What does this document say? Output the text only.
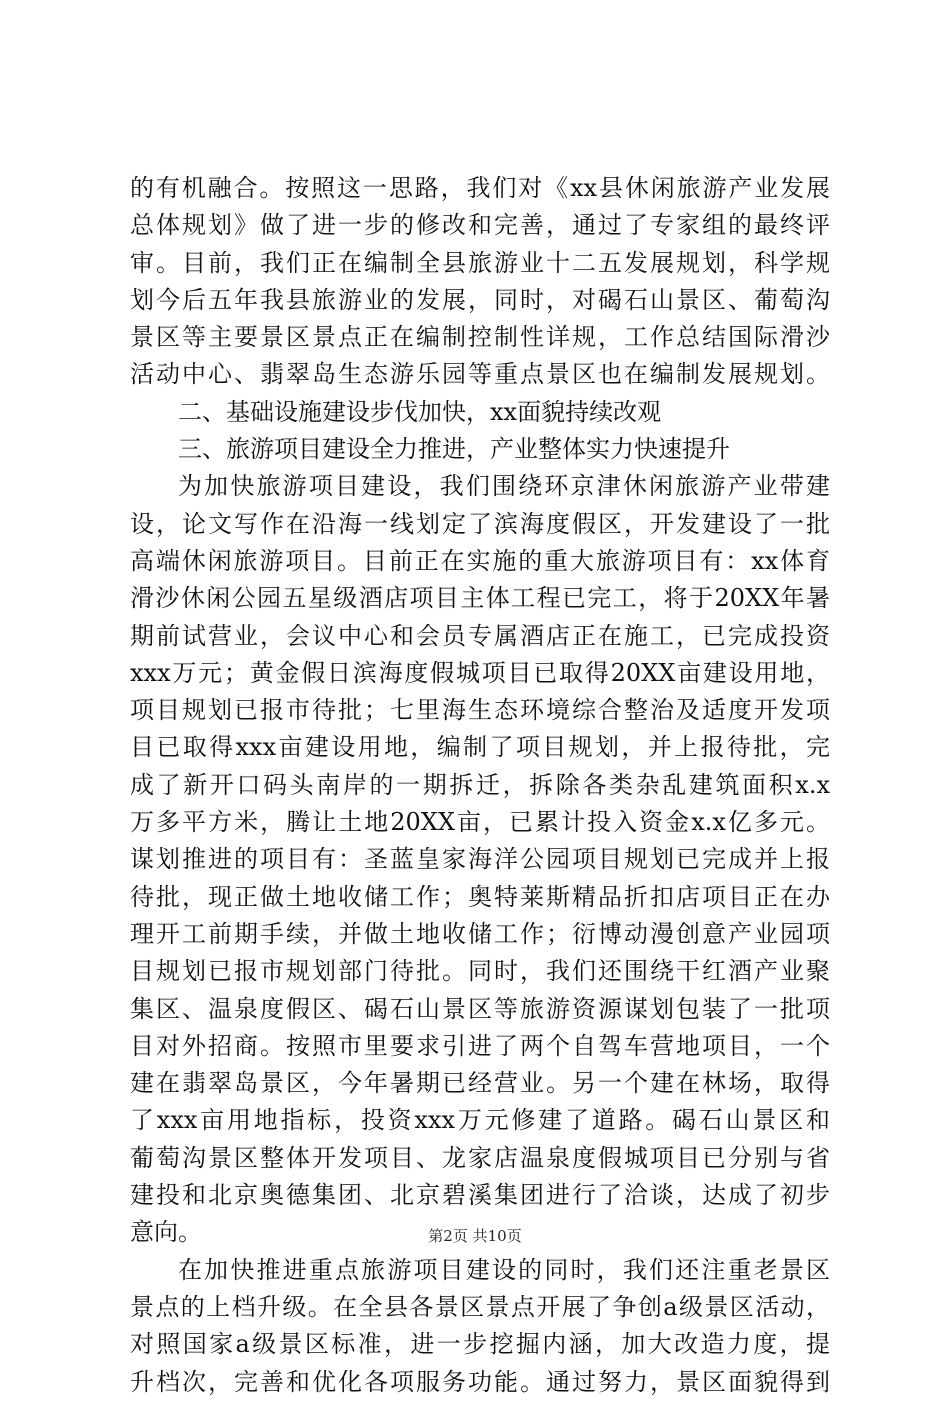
的有机融合。按照这一思路，我们对《xx县休闲旅游产业发展
总体规划》做了进一步的修改和完善，通过了专家组的最终评
审。目前，我们正在编制全县旅游业十二五发展规划，科学规
划今后五年我县旅游业的发展，同时，对碣石山景区、葡萄沟
景区等主要景区景点正在编制控制性详规，工作总结国际滑沙
活动中心、翡翠岛生态游乐园等重点景区也在编制发展规划。
二、基础设施建设步伐加快，xx面貌持续改观
三、旅游项目建设全力推进，产业整体实力快速提升
为加快旅游项目建设，我们围绕环京津休闲旅游产业带建
设，论文写作在沿海一线划定了滨海度假区，开发建设了一批
高端休闲旅游项目。目前正在实施的重大旅游项目有：xx体育
滑沙休闲公园五星级酒店项目主体工程已完工，将于20XX年暑
期前试营业，会议中心和会员专属酒店正在施工，已完成投资
xxx万元；黄金假日滨海度假城项目已取得20XX亩建设用地，
项目规划已报市待批；七里海生态环境综合整治及适度开发项
目已取得xxx亩建设用地，编制了项目规划，并上报待批，完
成了新开口码头南岸的一期拆迁，拆除各类杂乱建筑面积x.x
万多平方米，腾让土地20XX亩，已累计投入资金x.x亿多元。
谋划推进的项目有：圣蓝皇家海洋公园项目规划已完成并上报
待批，现正做土地收储工作；奥特莱斯精品折扣店项目正在办
理开工前期手续，并做土地收储工作；衍博动漫创意产业园项
目规划已报市规划部门待批。同时，我们还围绕干红酒产业聚
集区、温泉度假区、碣石山景区等旅游资源谋划包装了一批项
目对外招商。按照市里要求引进了两个自驾车营地项目，一个
建在翡翠岛景区，今年暑期已经营业。另一个建在林场，取得
了xxx亩用地指标，投资xxx万元修建了道路。碣石山景区和
葡萄沟景区整体开发项目、龙家店温泉度假城项目已分别与省
建投和北京奥德集团、北京碧溪集团进行了洽谈，达成了初步
意向。
在加快推进重点旅游项目建设的同时，我们还注重老景区
景点的上档升级。在全县各景区景点开展了争创a级景区活动，
对照国家a级景区标准，进一步挖掘内涵，加大改造力度，提
升档次，完善和优化各项服务功能。通过努力，景区面貌得到
第2页 共10页
